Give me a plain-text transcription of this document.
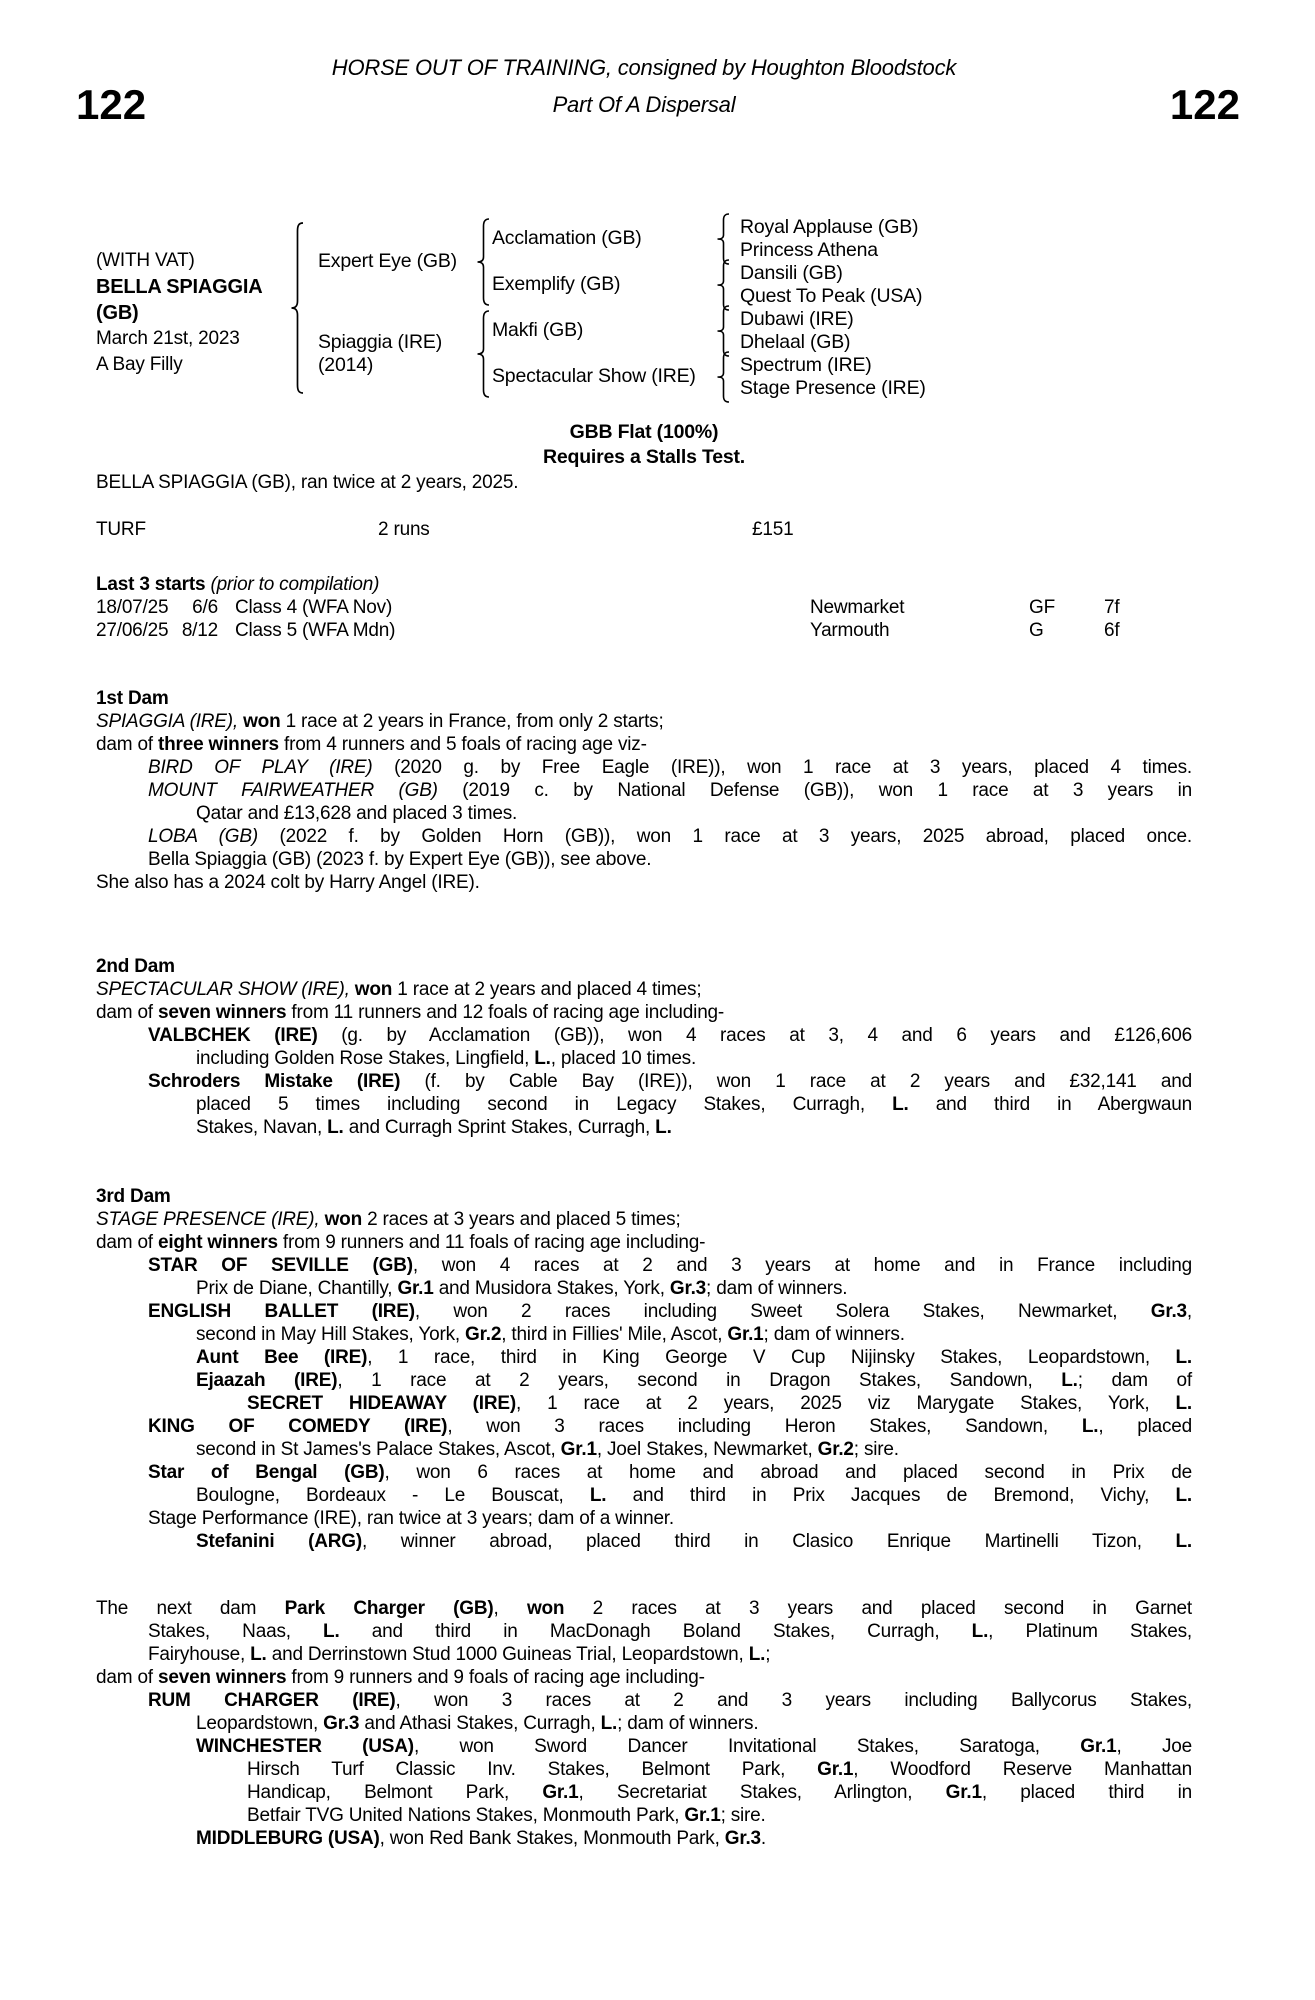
HORSE OUT OF TRAINING, consigned by Houghton Bloodstock
122	122
Part Of A Dispersal
(WITH VAT)
BELLA SPIAGGIA
(GB)
March 21st, 2023
A Bay Filly
Expert Eye (GB)
Spiaggia (IRE)
(2014)
Acclamation (GB)
Exemplify (GB)
Makfi (GB)
Spectacular Show (IRE)
Royal Applause (GB)
Princess Athena
Dansili (GB)
Quest To Peak (USA)
Dubawi (IRE)
Dhelaal (GB)
Spectrum (IRE)
Stage Presence (IRE)
GBB Flat (100%)
Requires a Stalls Test.
BELLA SPIAGGIA (GB), ran twice at 2 years, 2025.
TURF	2 runs	£151
Last 3 starts (prior to compilation)
18/07/25	6/6 Class 4 (WFA Nov)	Newmarket	GF	7f
27/06/25 8/12 Class 5 (WFA Mdn)	Yarmouth	G	6f

1st Dam

SPIAGGIA (IRE), won 1 race at 2 years in France, from only 2 starts;

dam of three winners from 4 runners and 5 foals of racing age viz-

BIRD OF PLAY (IRE) (2020 g. by Free Eagle (IRE)), won 1 race at 3 years, placed 4 times.

MOUNT FAIRWEATHER (GB) (2019 c. by National Defense (GB)), won 1 race at 3 years in

Qatar and £13,628 and placed 3 times.

LOBA (GB) (2022 f. by Golden Horn (GB)), won 1 race at 3 years, 2025 abroad, placed once.

Bella Spiaggia (GB) (2023 f. by Expert Eye (GB)), see above.

She also has a 2024 colt by Harry Angel (IRE).

2nd Dam

SPECTACULAR SHOW (IRE), won 1 race at 2 years and placed 4 times;

dam of seven winners from 11 runners and 12 foals of racing age including-

VALBCHEK (IRE) (g. by Acclamation (GB)), won 4 races at 3, 4 and 6 years and £126,606

including Golden Rose Stakes, Lingfield, L., placed 10 times.

Schroders Mistake (IRE) (f. by Cable Bay (IRE)), won 1 race at 2 years and £32,141 and

placed 5 times including second in Legacy Stakes, Curragh, L. and third in Abergwaun

Stakes, Navan, L. and Curragh Sprint Stakes, Curragh, L.

3rd Dam

STAGE PRESENCE (IRE), won 2 races at 3 years and placed 5 times;

dam of eight winners from 9 runners and 11 foals of racing age including-

STAR OF SEVILLE (GB), won 4 races at 2 and 3 years at home and in France including

Prix de Diane, Chantilly, Gr.1 and Musidora Stakes, York, Gr.3; dam of winners.

ENGLISH BALLET (IRE), won 2 races including Sweet Solera Stakes, Newmarket, Gr.3,

second in May Hill Stakes, York, Gr.2, third in Fillies' Mile, Ascot, Gr.1; dam of winners.

Aunt Bee (IRE), 1 race, third in King George V Cup Nijinsky Stakes, Leopardstown, L.

Ejaazah (IRE), 1 race at 2 years, second in Dragon Stakes, Sandown, L.; dam of

SECRET HIDEAWAY (IRE), 1 race at 2 years, 2025 viz Marygate Stakes, York, L.

KING OF COMEDY (IRE), won 3 races including Heron Stakes, Sandown, L., placed

second in St James's Palace Stakes, Ascot, Gr.1, Joel Stakes, Newmarket, Gr.2; sire.

Star of Bengal (GB), won 6 races at home and abroad and placed second in Prix de

Boulogne, Bordeaux - Le Bouscat, L. and third in Prix Jacques de Bremond, Vichy, L.

Stage Performance (IRE), ran twice at 3 years; dam of a winner.

Stefanini (ARG), winner abroad, placed third in Clasico Enrique Martinelli Tizon, L.

The next dam Park Charger (GB), won 2 races at 3 years and placed second in Garnet

Stakes, Naas, L. and third in MacDonagh Boland Stakes, Curragh, L., Platinum Stakes,

Fairyhouse, L. and Derrinstown Stud 1000 Guineas Trial, Leopardstown, L.;

dam of seven winners from 9 runners and 9 foals of racing age including-

RUM CHARGER (IRE), won 3 races at 2 and 3 years including Ballycorus Stakes,

Leopardstown, Gr.3 and Athasi Stakes, Curragh, L.; dam of winners.

WINCHESTER (USA), won Sword Dancer Invitational Stakes, Saratoga, Gr.1, Joe

Hirsch Turf Classic Inv. Stakes, Belmont Park, Gr.1, Woodford Reserve Manhattan

Handicap, Belmont Park, Gr.1, Secretariat Stakes, Arlington, Gr.1, placed third in

Betfair TVG United Nations Stakes, Monmouth Park, Gr.1; sire.

MIDDLEBURG (USA), won Red Bank Stakes, Monmouth Park, Gr.3.
